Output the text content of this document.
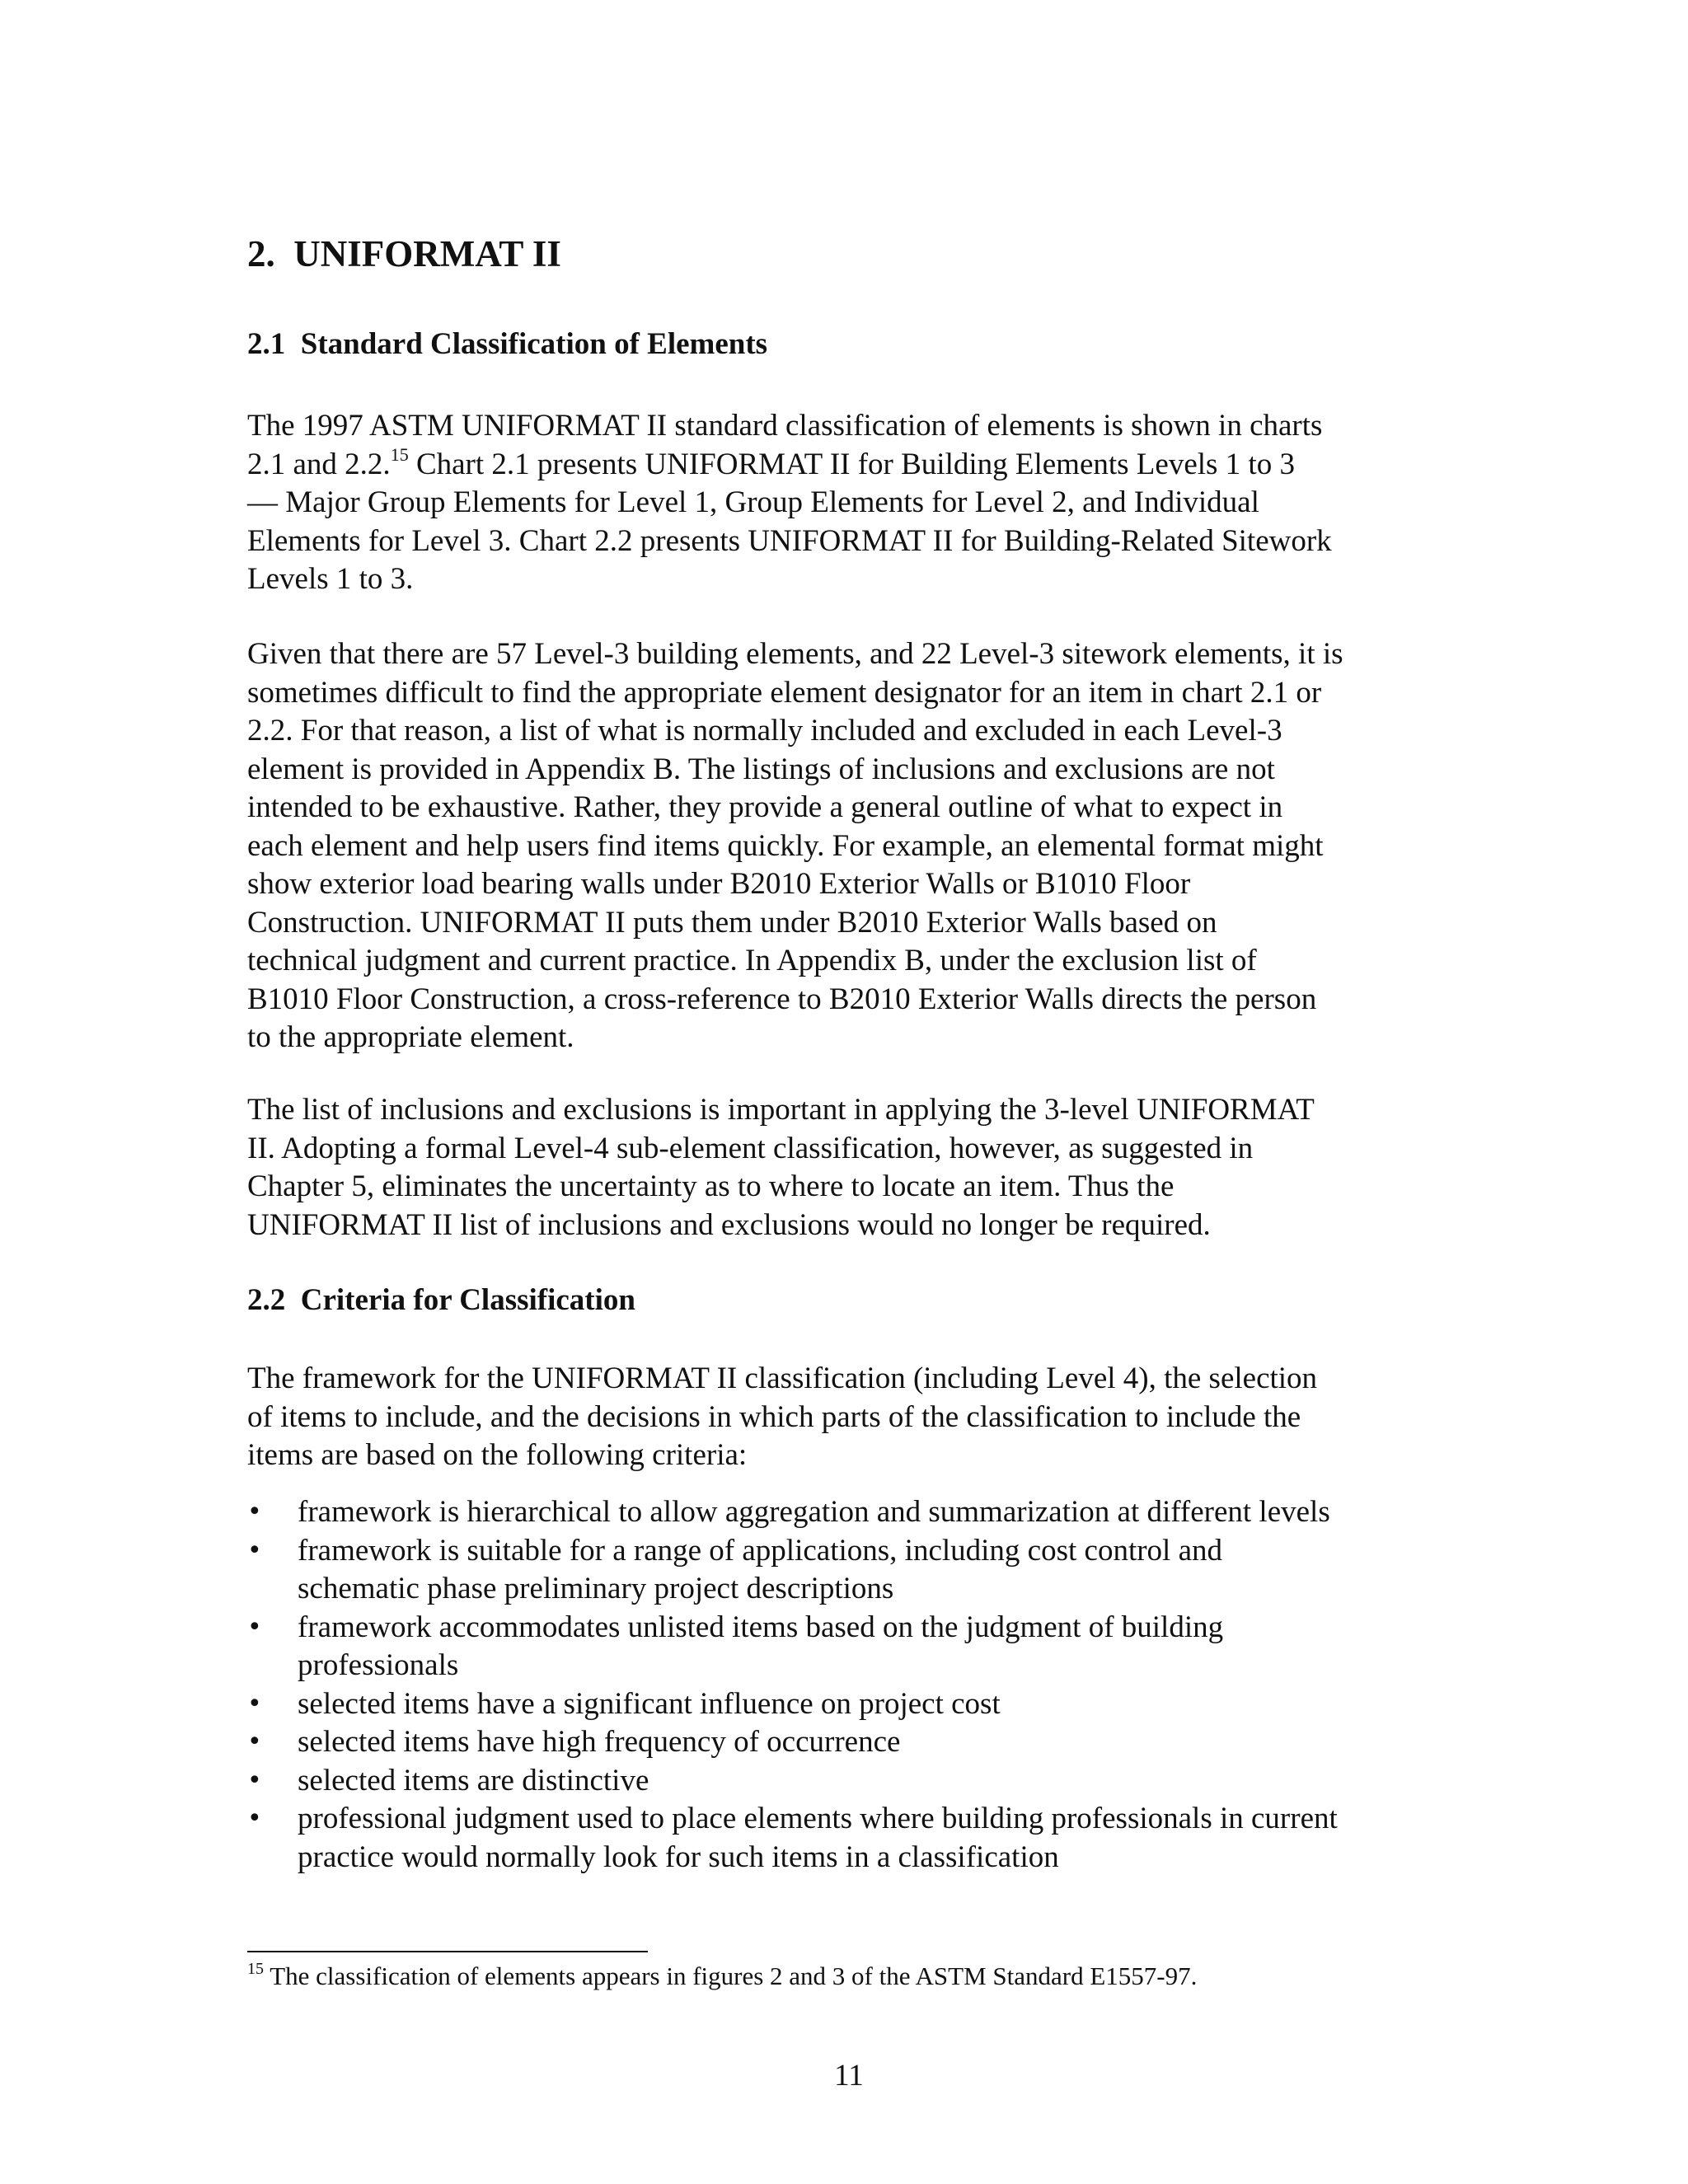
2.  UNIFORMAT II
2.1  Standard Classification of Elements
The 1997 ASTM UNIFORMAT II standard classification of elements is shown in charts
2.1 and 2.2.15 Chart 2.1 presents UNIFORMAT II for Building Elements Levels 1 to 3
— Major Group Elements for Level 1, Group Elements for Level 2, and Individual
Elements for Level 3. Chart 2.2 presents UNIFORMAT II for Building-Related Sitework
Levels 1 to 3.
Given that there are 57 Level-3 building elements, and 22 Level-3 sitework elements, it is
sometimes difficult to find the appropriate element designator for an item in chart 2.1 or
2.2. For that reason, a list of what is normally included and excluded in each Level-3
element is provided in Appendix B. The listings of inclusions and exclusions are not
intended to be exhaustive. Rather, they provide a general outline of what to expect in
each element and help users find items quickly. For example, an elemental format might
show exterior load bearing walls under B2010 Exterior Walls or B1010 Floor
Construction. UNIFORMAT II puts them under B2010 Exterior Walls based on
technical judgment and current practice. In Appendix B, under the exclusion list of
B1010 Floor Construction, a cross-reference to B2010 Exterior Walls directs the person
to the appropriate element.
The list of inclusions and exclusions is important in applying the 3-level UNIFORMAT
II. Adopting a formal Level-4 sub-element classification, however, as suggested in
Chapter 5, eliminates the uncertainty as to where to locate an item. Thus the
UNIFORMAT II list of inclusions and exclusions would no longer be required.
2.2  Criteria for Classification
The framework for the UNIFORMAT II classification (including Level 4), the selection
of items to include, and the decisions in which parts of the classification to include the
items are based on the following criteria:
• framework is hierarchical to allow aggregation and summarization at different levels
• framework is suitable for a range of applications, including cost control and
schematic phase preliminary project descriptions
• framework accommodates unlisted items based on the judgment of building
professionals
• selected items have a significant influence on project cost
• selected items have high frequency of occurrence
• selected items are distinctive
• professional judgment used to place elements where building professionals in current
practice would normally look for such items in a classification

$^{15}$ The classification of elements appears in figures 2 and 3 of the ASTM Standard E1557-97.

11
